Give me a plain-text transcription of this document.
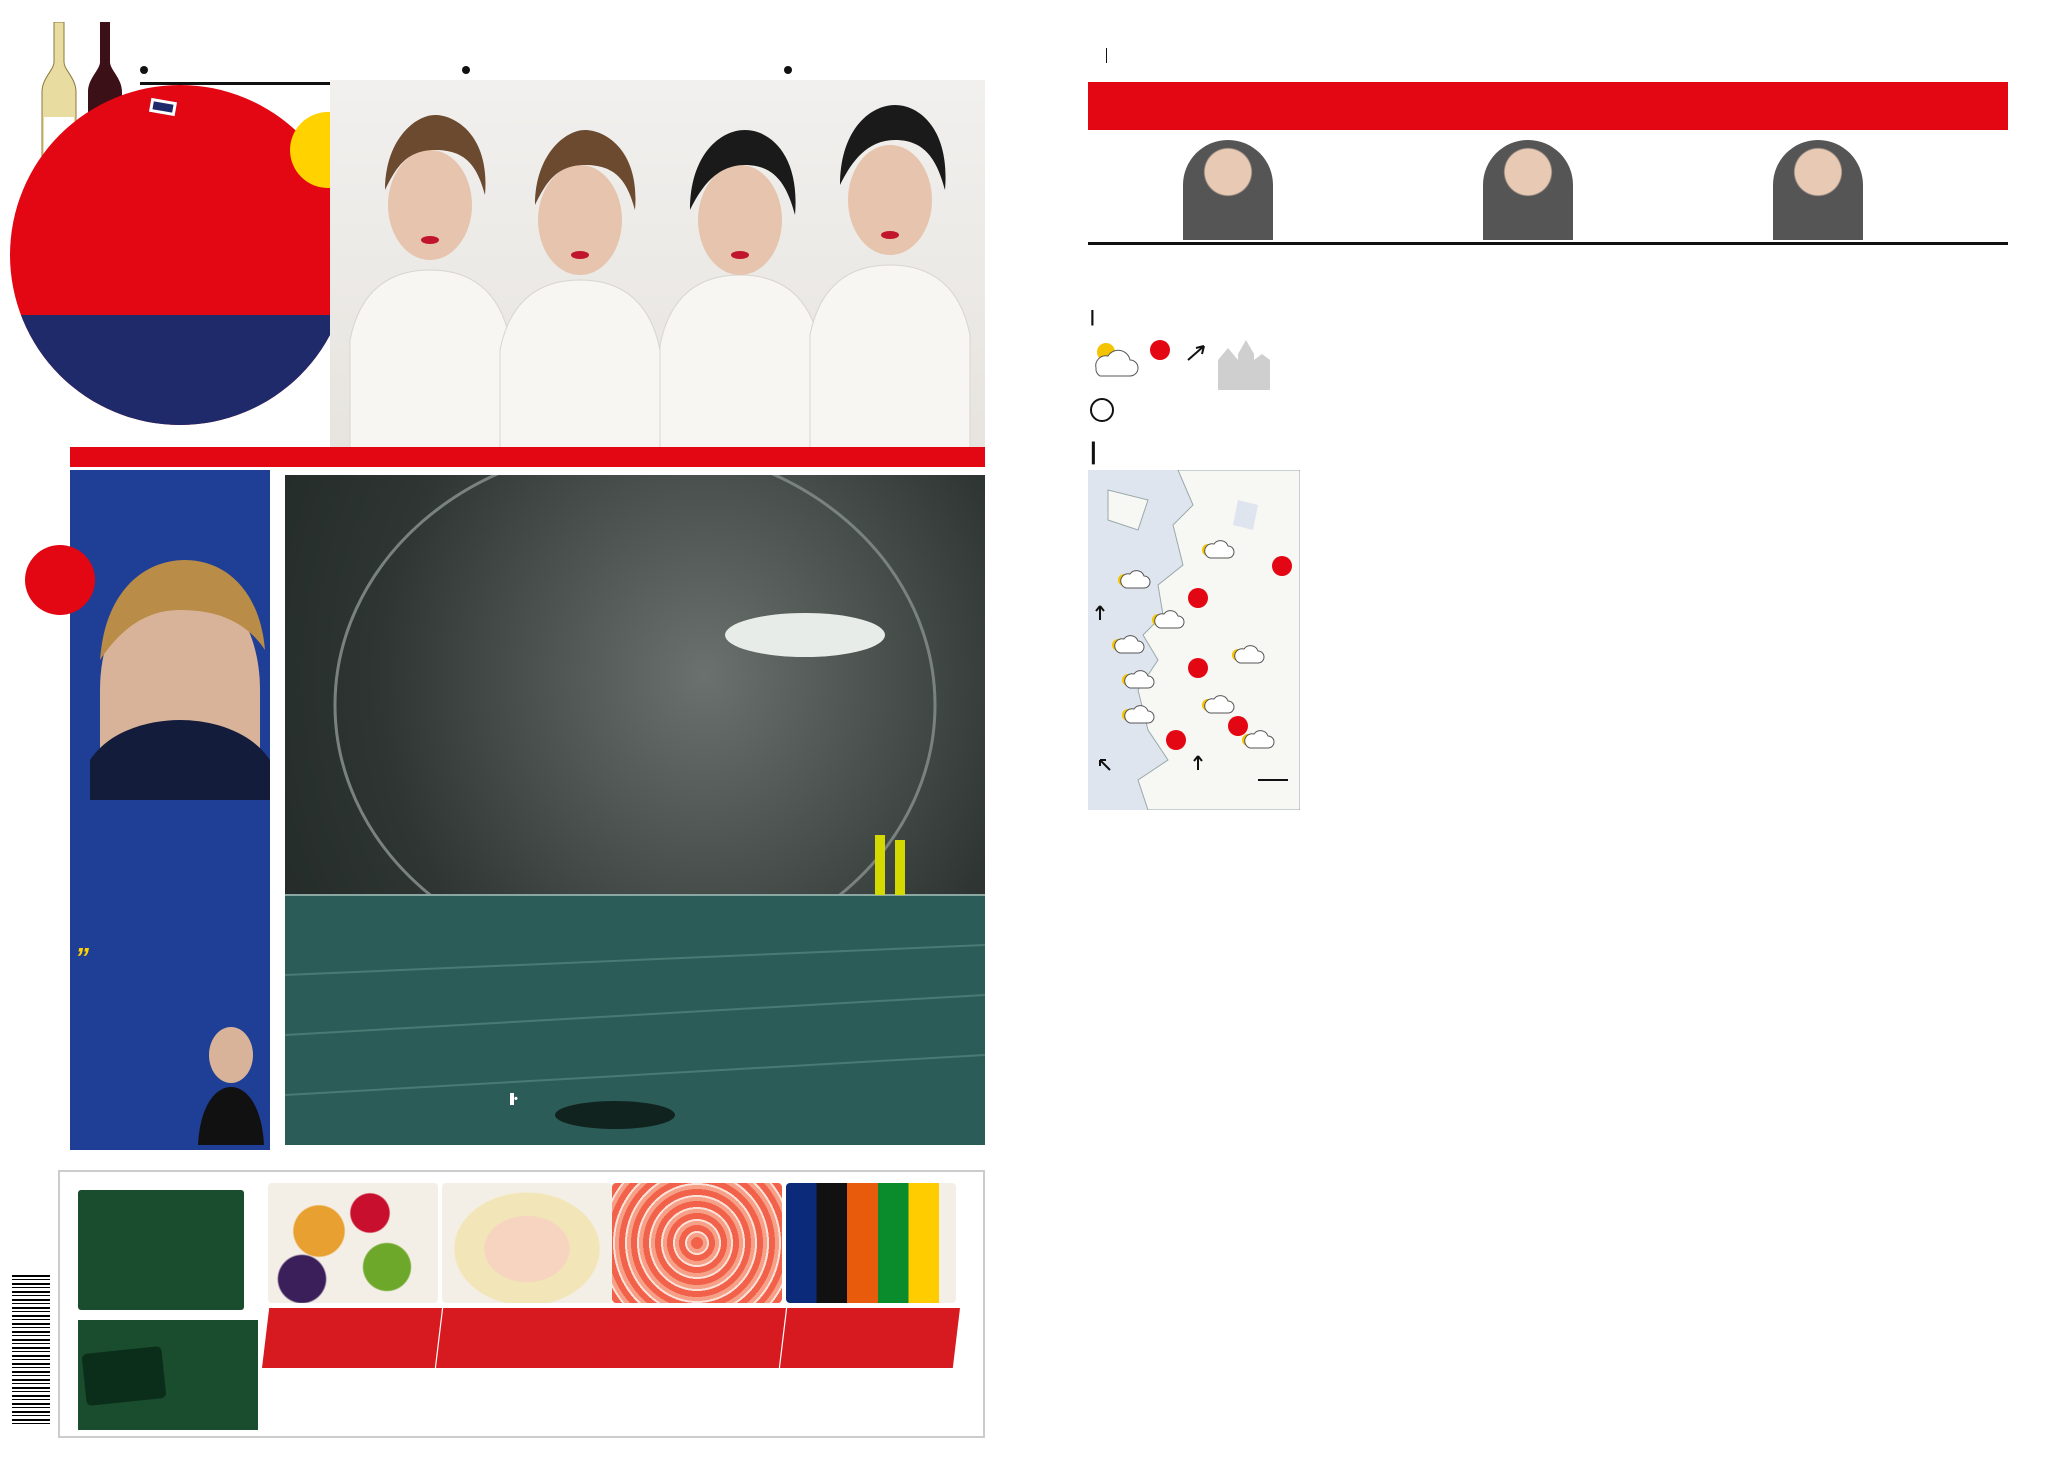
”
•

|
|
